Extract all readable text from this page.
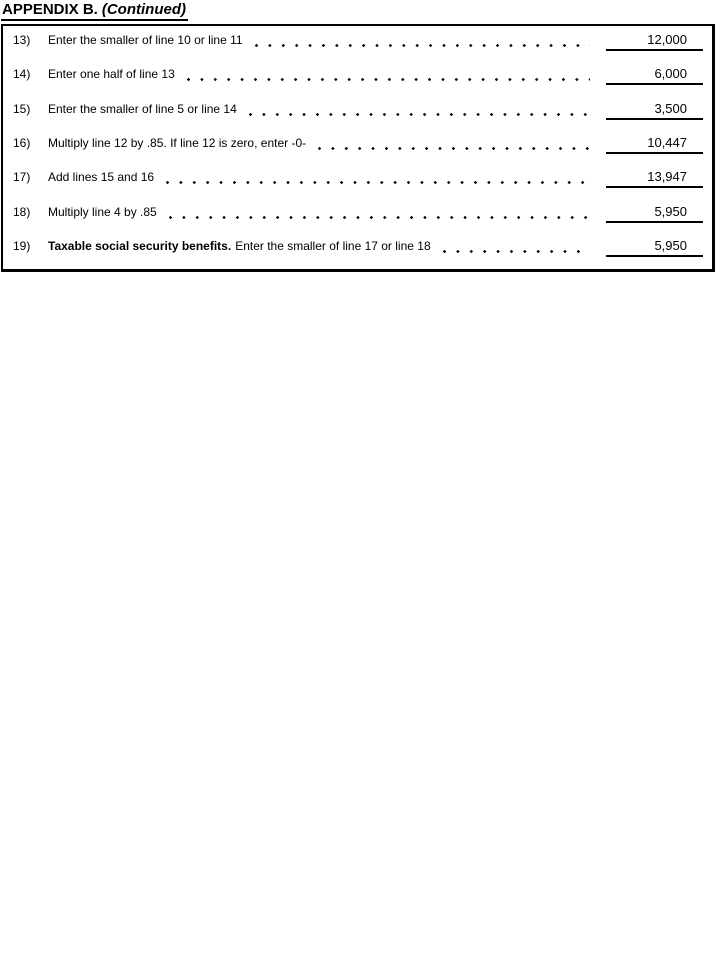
APPENDIX B. (Continued)
13)	Enter the smaller of line 10 or line 11	12,000
14)	Enter one half of line 13	6,000
15)	Enter the smaller of line 5 or line 14	3,500
16)	Multiply line 12 by .85. If line 12 is zero, enter -0-	10,447
17)	Add lines 15 and 16	13,947
18)	Multiply line 4 by .85	5,950
19)	Taxable social security benefits. Enter the smaller of line 17 or line 18	5,950
